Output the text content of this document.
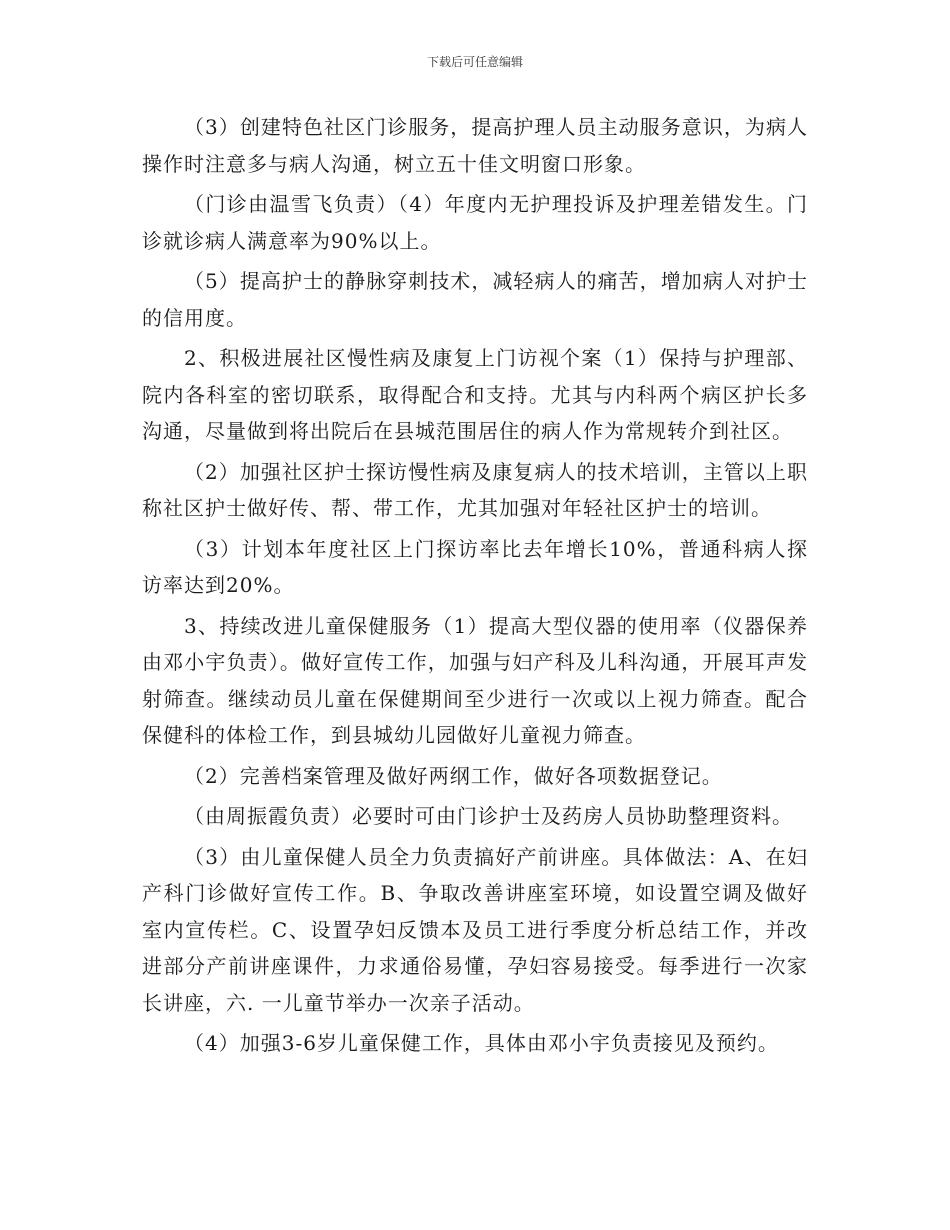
下载后可任意编辑

（3）创建特色社区门诊服务，提高护理人员主动服务意识，为病人操作时注意多与病人沟通，树立五十佳文明窗口形象。

（门诊由温雪飞负责）（4）年度内无护理投诉及护理差错发生。门诊就诊病人满意率为90%以上。

（5）提高护士的静脉穿刺技术，减轻病人的痛苦，增加病人对护士的信用度。

2、积极进展社区慢性病及康复上门访视个案（1）保持与护理部、院内各科室的密切联系，取得配合和支持。尤其与内科两个病区护长多沟通，尽量做到将出院后在县城范围居住的病人作为常规转介到社区。

（2）加强社区护士探访慢性病及康复病人的技术培训，主管以上职称社区护士做好传、帮、带工作，尤其加强对年轻社区护士的培训。

（3）计划本年度社区上门探访率比去年增长10%，普通科病人探访率达到20%。

3、持续改进儿童保健服务（1）提高大型仪器的使用率（仪器保养由邓小宇负责）。做好宣传工作，加强与妇产科及儿科沟通，开展耳声发射筛查。继续动员儿童在保健期间至少进行一次或以上视力筛查。配合保健科的体检工作，到县城幼儿园做好儿童视力筛查。

（2）完善档案管理及做好两纲工作，做好各项数据登记。

（由周振霞负责）必要时可由门诊护士及药房人员协助整理资料。

（3）由儿童保健人员全力负责搞好产前讲座。具体做法：A、在妇产科门诊做好宣传工作。B、争取改善讲座室环境，如设置空调及做好室内宣传栏。C、设置孕妇反馈本及员工进行季度分析总结工作，并改进部分产前讲座课件，力求通俗易懂，孕妇容易接受。每季进行一次家长讲座，六. 一儿童节举办一次亲子活动。

（4）加强3-6岁儿童保健工作，具体由邓小宇负责接见及预约。
